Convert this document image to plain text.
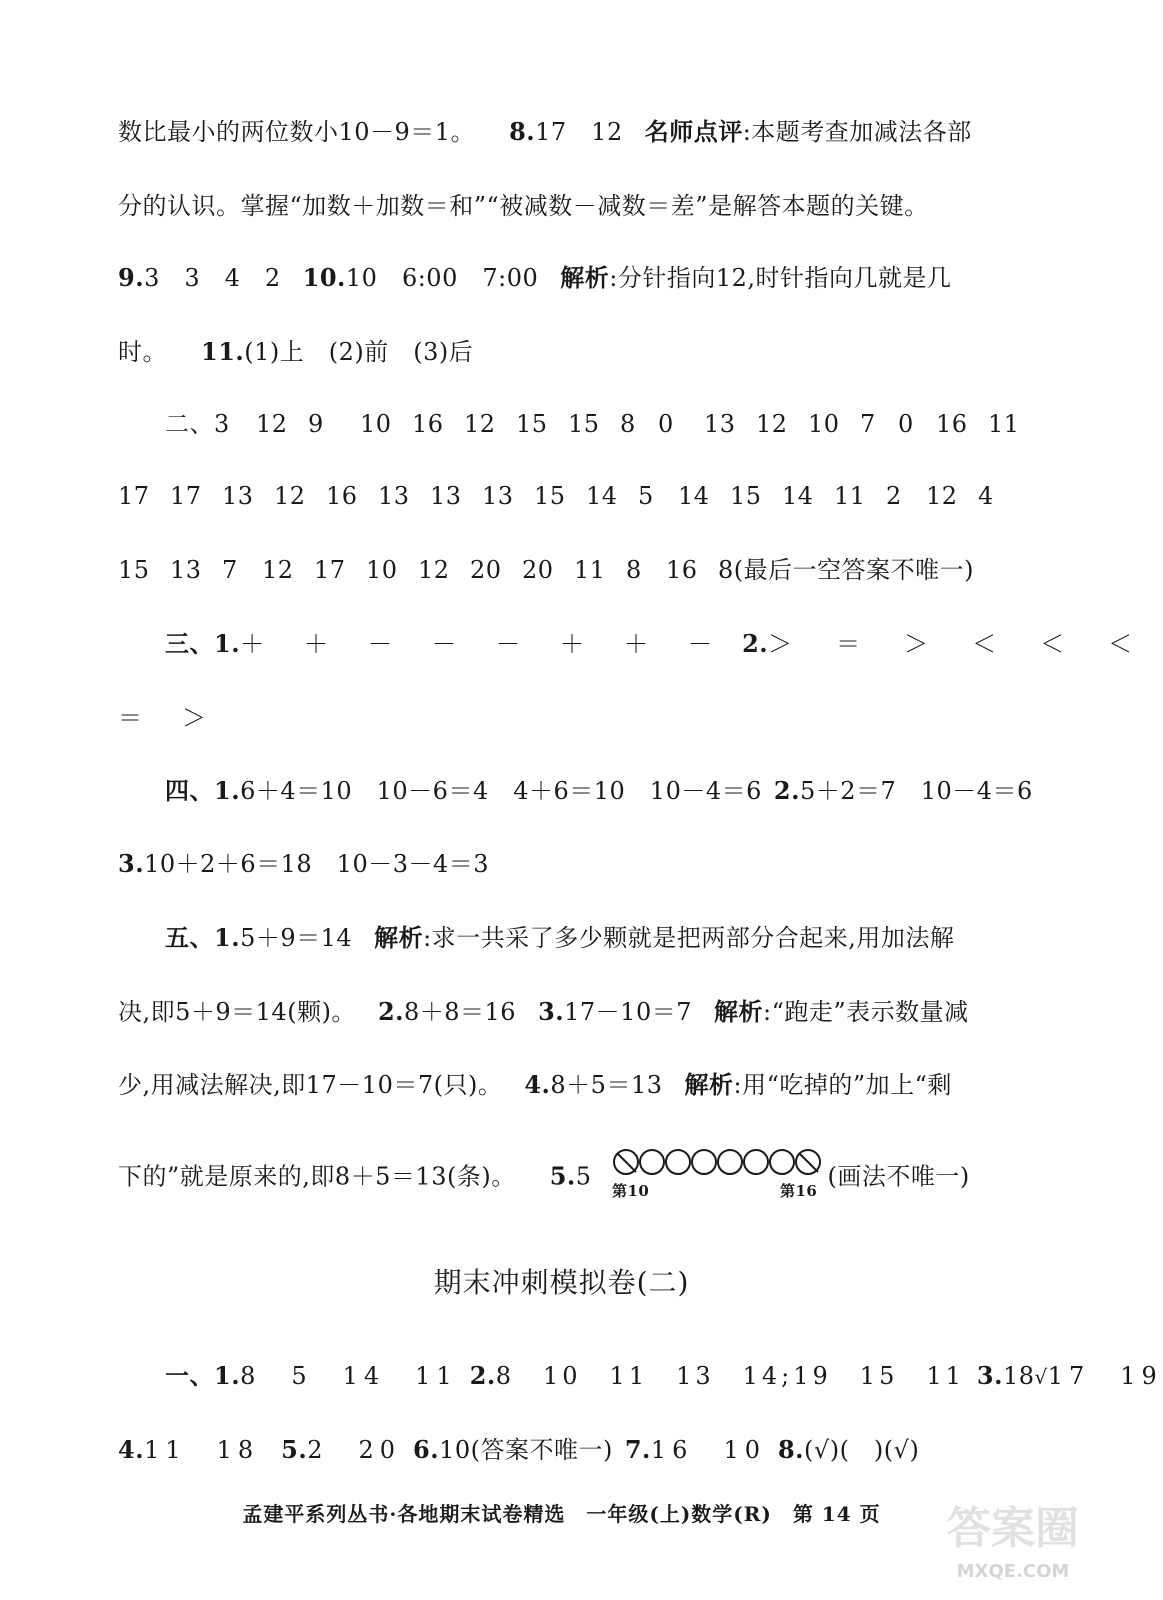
数比最小的两位数小10－9＝1。 8.17　12 名师点评:本题考查加减法各部
分的认识。掌握“加数＋加数＝和”“被减数－减数＝差”是解答本题的关键。
9.3　3　4　2 10.10　6:00　7:00 解析:分针指向12,时针指向几就是几
时。 11.(1)上　(2)前　(3)后
二、3 12 9 10 16 12 15 15 8 0 13 12 10 7 0 16 11
17 17 13 12 16 13 13 13 15 14 5 14 15 14 11 2 12 4
15 13 7 12 17 10 12 20 20 11 8 16 8(最后一空答案不唯一)
三、1.＋　＋　－　－　－　＋　＋　－ 2.＞　＝　＞　＜　＜　＜
＝　＞
四、1.6＋4＝10　10－6＝4　4＋6＝10　10－4＝6 2.5＋2＝7　10－4＝6
3.10＋2＋6＝18　10－3－4＝3
五、1.5＋9＝14 解析:求一共采了多少颗就是把两部分合起来,用加法解
决,即5＋9＝14(颗)。 2.8＋8＝16 3.17－10＝7 解析:“跑走”表示数量减
少,用减法解决,即17－10＝7(只)。 4.8＋5＝13 解析:用“吃掉的”加上“剩
下的”就是原来的,即8＋5＝13(条)。 5.5
第10	第16
(画法不唯一)
期末冲刺模拟卷(二)
一、1.8　5　14　11 2.8　10　11　13　14;19　15　11 3.18√17　19
4.11　18 5.2　20 6.10(答案不唯一) 7.16　10 8.(√)(　)(√)
孟建平系列丛书·各地期末试卷精选　一年级(上)数学(R)　第 14 页	答案圈
MXQE.COM
